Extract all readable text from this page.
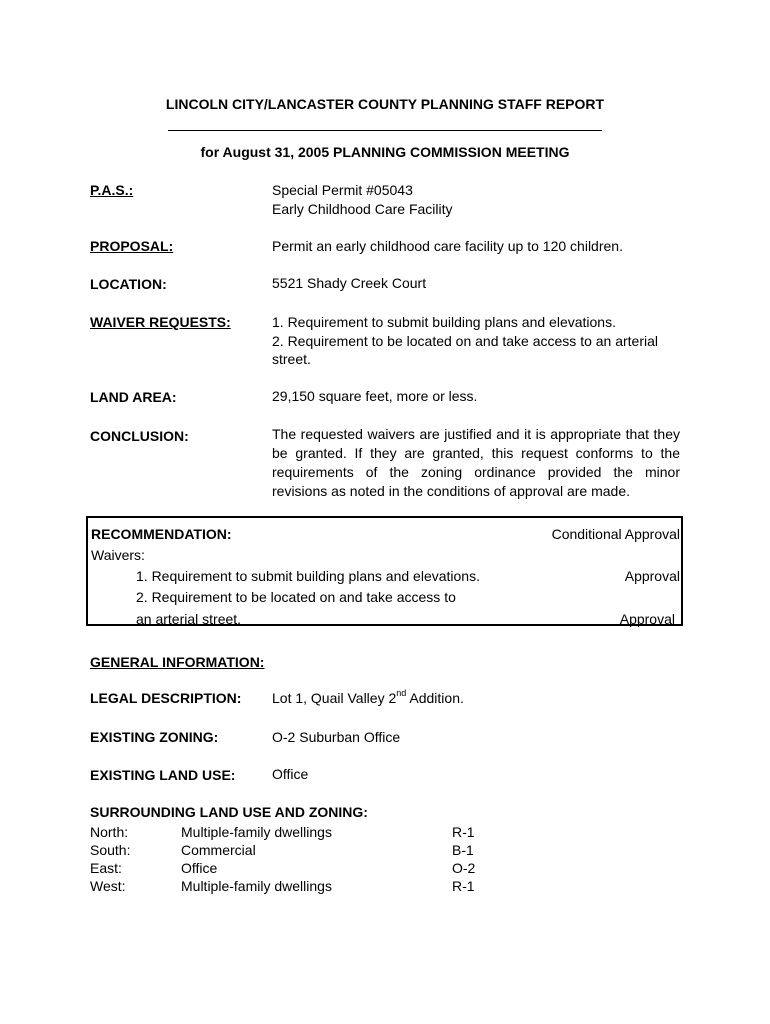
LINCOLN CITY/LANCASTER COUNTY PLANNING STAFF REPORT
for August 31, 2005 PLANNING COMMISSION MEETING
P.A.S.:	Special Permit #05043
Early Childhood Care Facility
PROPOSAL:	Permit an early childhood care facility up to 120 children.
LOCATION:	5521 Shady Creek Court
WAIVER REQUESTS:	1. Requirement to submit building plans and elevations.
2. Requirement to be located on and take access to an arterial
street.
LAND AREA:	29,150 square feet, more or less.
CONCLUSION:	The requested waivers are justified and it is appropriate that they be granted. If they are granted, this request conforms to the requirements of the zoning ordinance provided the minor revisions as noted in the conditions of approval are made.
RECOMMENDATION:	Conditional Approval
Waivers:
1. Requirement to submit building plans and elevations.	Approval
2. Requirement to be located on and take access to
an arterial street.	Approval
GENERAL INFORMATION:
LEGAL DESCRIPTION: Lot 1, Quail Valley 2nd Addition.
EXISTING ZONING:	O-2 Suburban Office
EXISTING LAND USE:	Office
SURROUNDING LAND USE AND ZONING:
North:	Multiple-family dwellings	R-1
South:	Commercial	B-1
East:	Office	O-2
West:	Multiple-family dwellings	R-1
